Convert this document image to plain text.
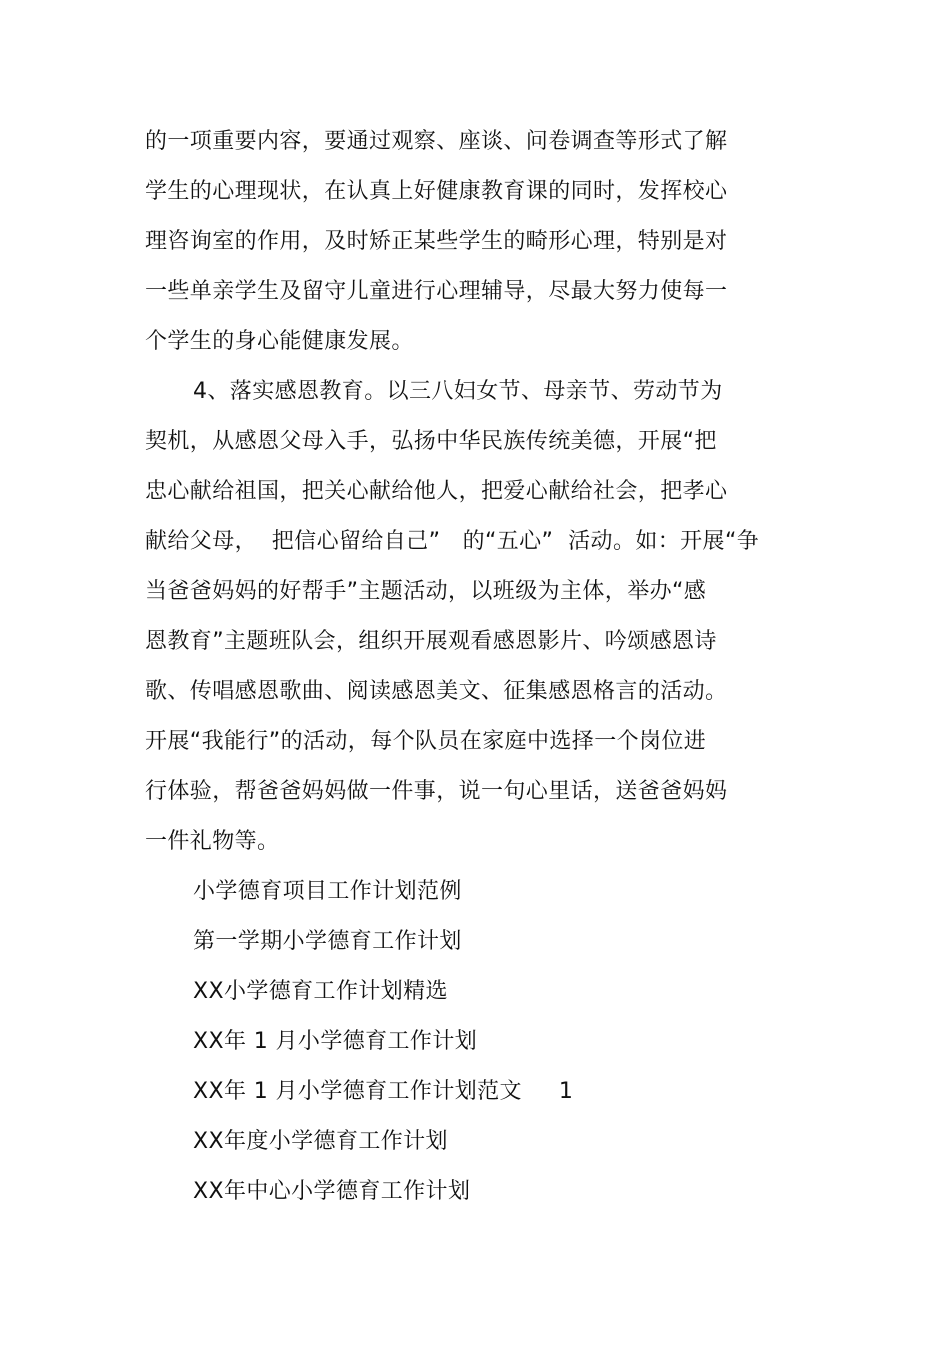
的一项重要内容，要通过观察、座谈、问卷调查等形式了解
学生的心理现状，在认真上好健康教育课的同时，发挥校心
理咨询室的作用，及时矫正某些学生的畸形心理，特别是对
一些单亲学生及留守儿童进行心理辅导，尽最大努力使每一
个学生的身心能健康发展。
4、落实感恩教育。以三八妇女节、母亲节、劳动节为
契机，从感恩父母入手，弘扬中华民族传统美德，开展“把
忠心献给祖国，把关心献给他人，把爱心献给社会，把孝心
献给父母，  把信心留给自己”   的“五心”  活动。如：开展“争
当爸爸妈妈的好帮手”主题活动，以班级为主体，举办“感
恩教育”主题班队会，组织开展观看感恩影片、吟颂感恩诗
歌、传唱感恩歌曲、阅读感恩美文、征集感恩格言的活动。
开展“我能行”的活动，每个队员在家庭中选择一个岗位进
行体验，帮爸爸妈妈做一件事，说一句心里话，送爸爸妈妈
一件礼物等。
小学德育项目工作计划范例
第一学期小学德育工作计划
XX小学德育工作计划精选
XX年 1 月小学德育工作计划
XX年 1 月小学德育工作计划范文     1
XX年度小学德育工作计划
XX年中心小学德育工作计划
